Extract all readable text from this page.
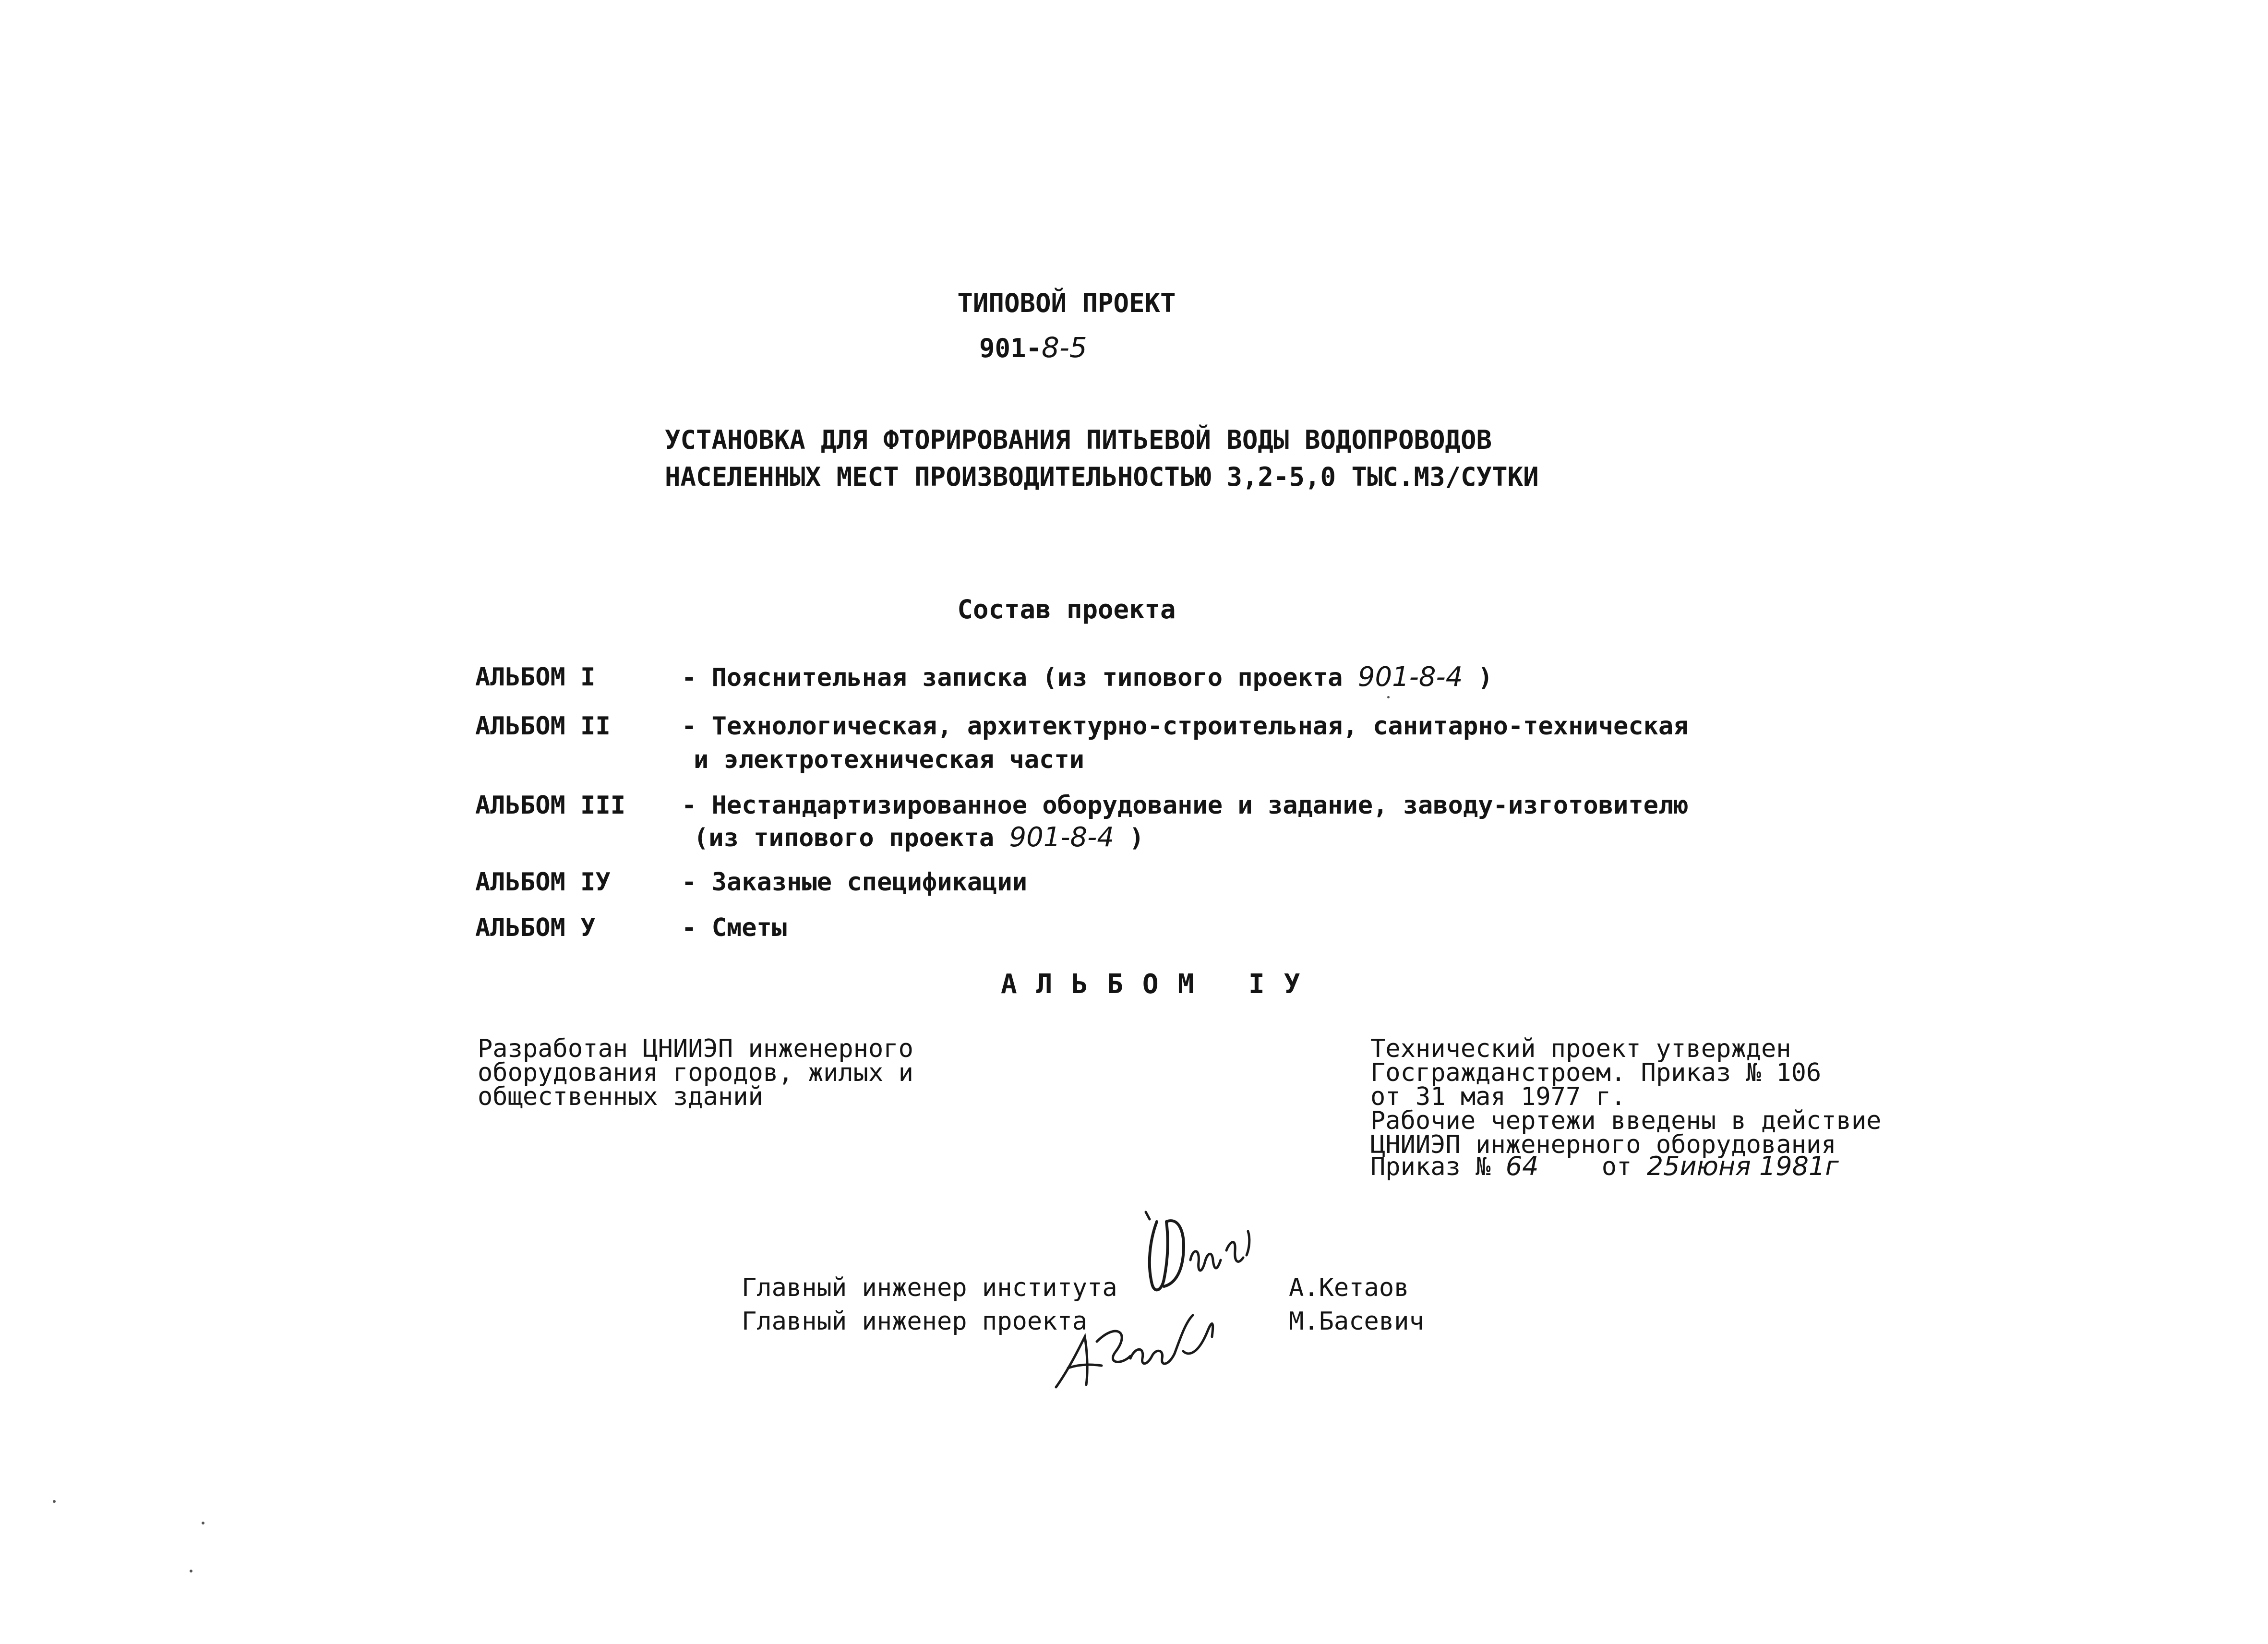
ТИПОВОЙ ПРОЕКТ
901-8-5
УСТАНОВКА ДЛЯ ФТОРИРОВАНИЯ ПИТЬЕВОЙ ВОДЫ ВОДОПРОВОДОВ
НАСЕЛЕННЫХ МЕСТ ПРОИЗВОДИТЕЛЬНОСТЬЮ 3,2-5,0 ТЫС.М3/СУТКИ
Состав проекта
АЛЬБОМ I	- Пояснительная записка (из типового проекта 901-8-4 )
АЛЬБОМ II	- Технологическая, архитектурно-строительная, санитарно-техническая
и электротехническая части
АЛЬБОМ III - Нестандартизированное оборудование и задание, заводу-изготовителю
(из типового проекта 901-8-4 )
АЛЬБОМ IУ	- Заказные спецификации
АЛЬБОМ У	- Сметы
АЛЬБОМ IУ
Разработан ЦНИИЭП инженерного
оборудования городов, жилых и
общественных зданий
Технический проект утвержден
Госгражданстроем. Приказ № 106
от 31 мая 1977 г.
Рабочие чертежи введены в действие
ЦНИИЭП инженерного оборудования
Приказ № 64	от 25июня 1981г
Главный инженер института	А.Кетаов
Главный инженер проекта	М.Басевич
